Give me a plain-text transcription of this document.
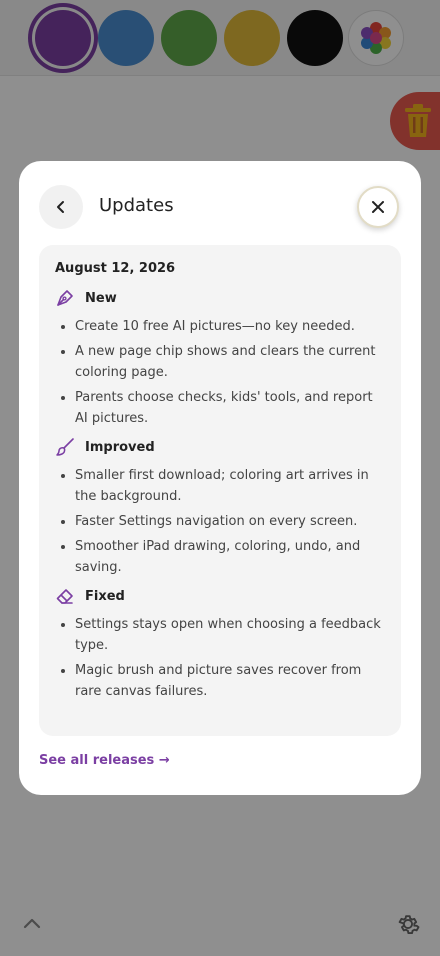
Updates
August 12, 2026
New
Create 10 free AI pictures—no key needed.
A new page chip shows and clears the current coloring page.
Parents choose checks, kids' tools, and report AI pictures.
Improved
Smaller first download; coloring art arrives in the background.
Faster Settings navigation on every screen.
Smoother iPad drawing, coloring, undo, and saving.
Fixed
Settings stays open when choosing a feedback type.
Magic brush and picture saves recover from rare canvas failures.
See all releases →
